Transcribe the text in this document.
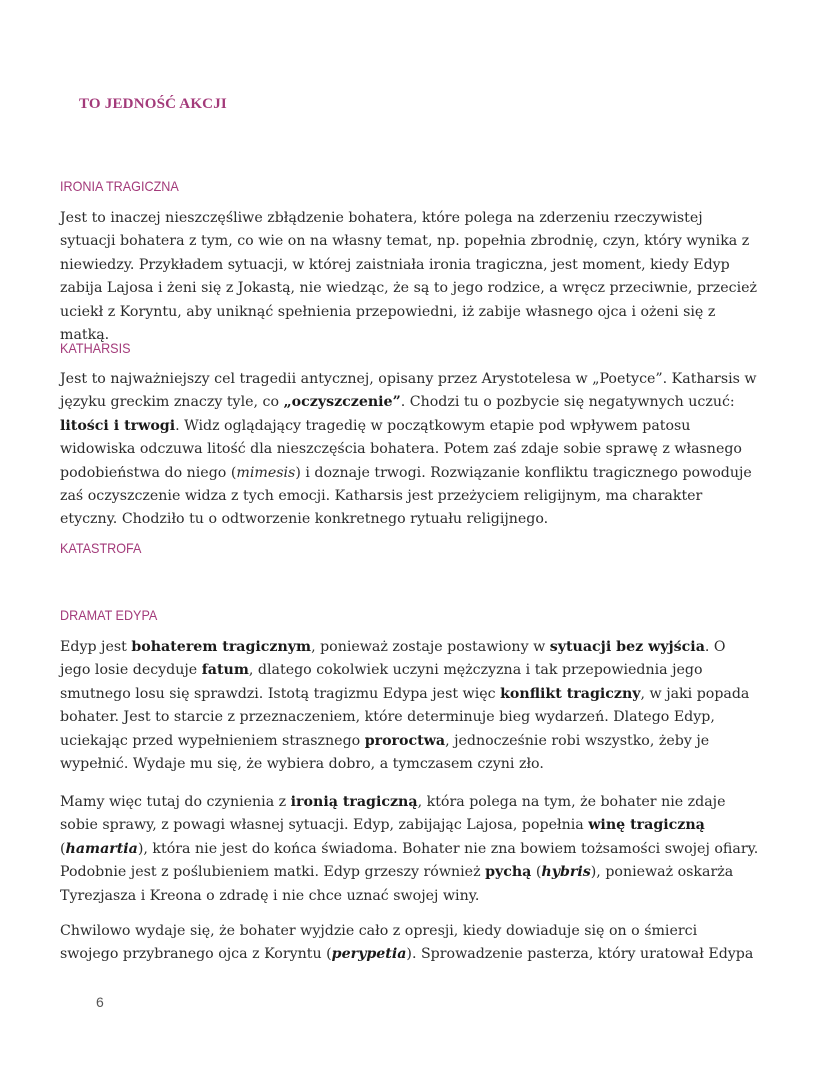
TO JEDNOŚĆ AKCJI
IRONIA TRAGICZNA

Jest to inaczej nieszczęśliwe zbłądzenie bohatera, które polega na zderzeniu rzeczywistej sytuacji bohatera z tym, co wie on na własny temat, np. popełnia zbrodnię, czyn, który wynika z niewiedzy. Przykładem sytuacji, w której zaistniała ironia tragiczna, jest moment, kiedy Edyp zabija Lajosa i żeni się z Jokastą, nie wiedząc, że są to jego rodzice, a wręcz przeciwnie, przecież uciekł z Koryntu, aby uniknąć spełnienia przepowiedni, iż zabije własnego ojca i ożeni się z matką.

KATHARSIS

Jest to najważniejszy cel tragedii antycznej, opisany przez Arystotelesa w „Poetyce”. Katharsis w języku greckim znaczy tyle, co „oczyszczenie”. Chodzi tu o pozbycie się negatywnych uczuć: litości i trwogi. Widz oglądający tragedię w początkowym etapie pod wpływem patosu widowiska odczuwa litość dla nieszczęścia bohatera. Potem zaś zdaje sobie sprawę z własnego podobieństwa do niego (mimesis) i doznaje trwogi. Rozwiązanie konfliktu tragicznego powoduje zaś oczyszczenie widza z tych emocji. Katharsis jest przeżyciem religijnym, ma charakter etyczny. Chodziło tu o odtworzenie konkretnego rytuału religijnego.

KATASTROFA
DRAMAT EDYPA

Edyp jest bohaterem tragicznym, ponieważ zostaje postawiony w sytuacji bez wyjścia. O jego losie decyduje fatum, dlatego cokolwiek uczyni mężczyzna i tak przepowiednia jego smutnego losu się sprawdzi. Istotą tragizmu Edypa jest więc konflikt tragiczny, w jaki popada bohater. Jest to starcie z przeznaczeniem, które determinuje bieg wydarzeń. Dlatego Edyp, uciekając przed wypełnieniem strasznego proroctwa, jednocześnie robi wszystko, żeby je wypełnić. Wydaje mu się, że wybiera dobro, a tymczasem czyni zło.

Mamy więc tutaj do czynienia z ironią tragiczną, która polega na tym, że bohater nie zdaje sobie sprawy, z powagi własnej sytuacji. Edyp, zabijając Lajosa, popełnia winę tragiczną (hamartia), która nie jest do końca świadoma. Bohater nie zna bowiem tożsamości swojej ofiary. Podobnie jest z poślubieniem matki. Edyp grzeszy również pychą (hybris), ponieważ oskarża Tyrezjasza i Kreona o zdradę i nie chce uznać swojej winy.

Chwilowo wydaje się, że bohater wyjdzie cało z opresji, kiedy dowiaduje się on o śmierci swojego przybranego ojca z Koryntu (perypetia). Sprowadzenie pasterza, który uratował Edypa

6
